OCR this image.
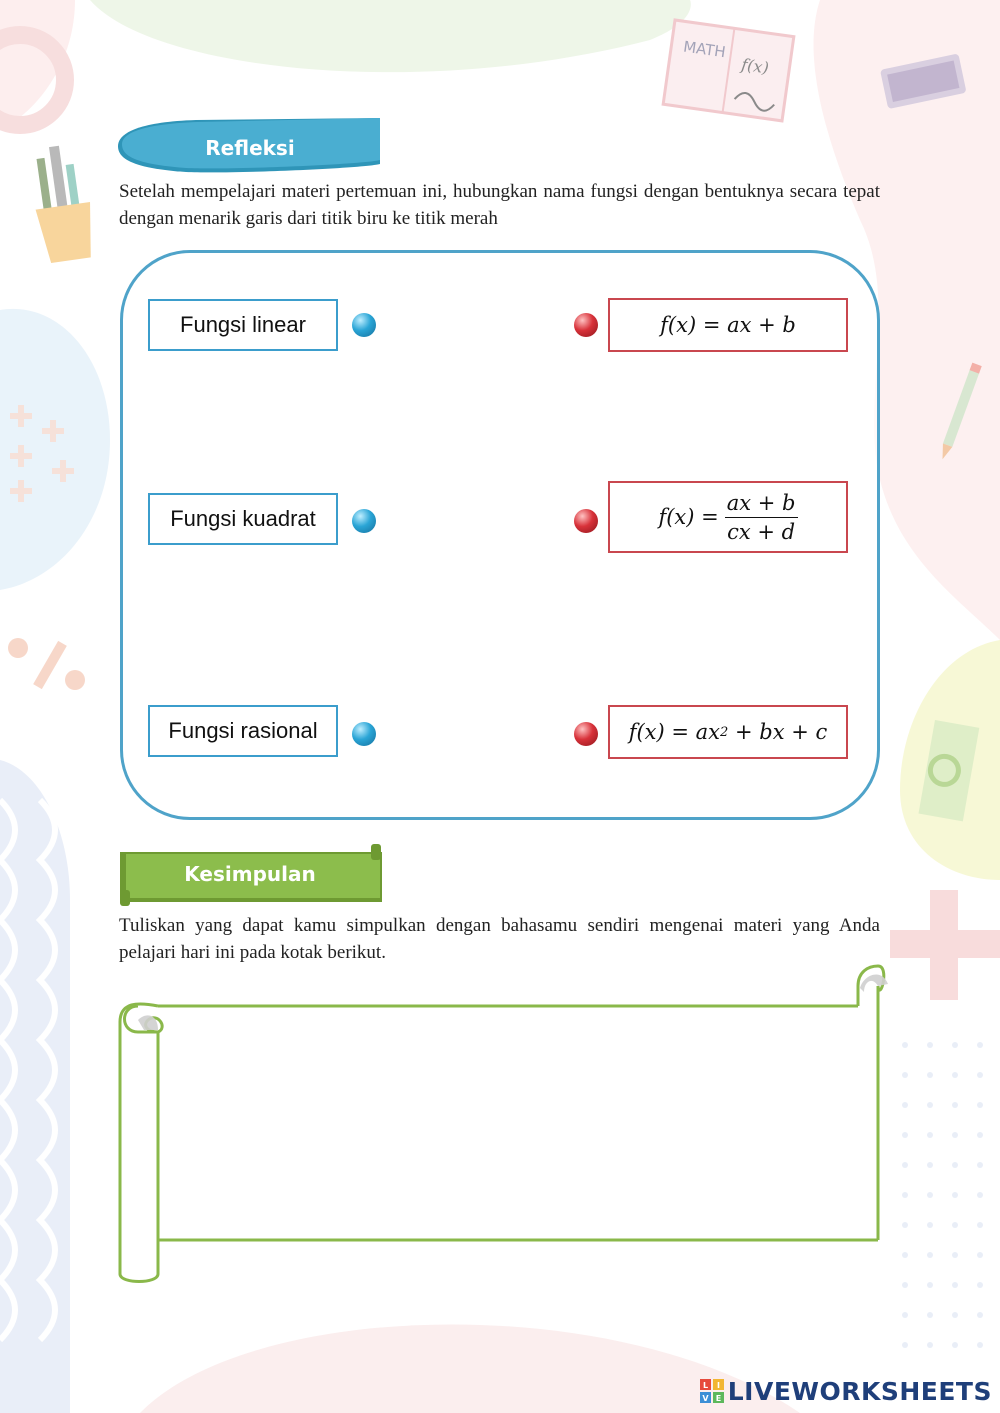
MATH
f(x)
Refleksi
Setelah mempelajari materi pertemuan ini, hubungkan nama fungsi dengan bentuknya secara tepat dengan menarik garis dari titik biru ke titik merah
Fungsi linear
Fungsi kuadrat
Fungsi rasional
f(x) = ax + b
$f(x) = \frac{ax + b}{cx + d}$
f(x) = ax 2 + bx + c
Kesimpulan
Tuliskan yang dapat kamu simpulkan dengan bahasamu sendiri mengenai materi yang Anda pelajari hari ini pada kotak berikut.
L I
V E LIVEWORKSHEETS
